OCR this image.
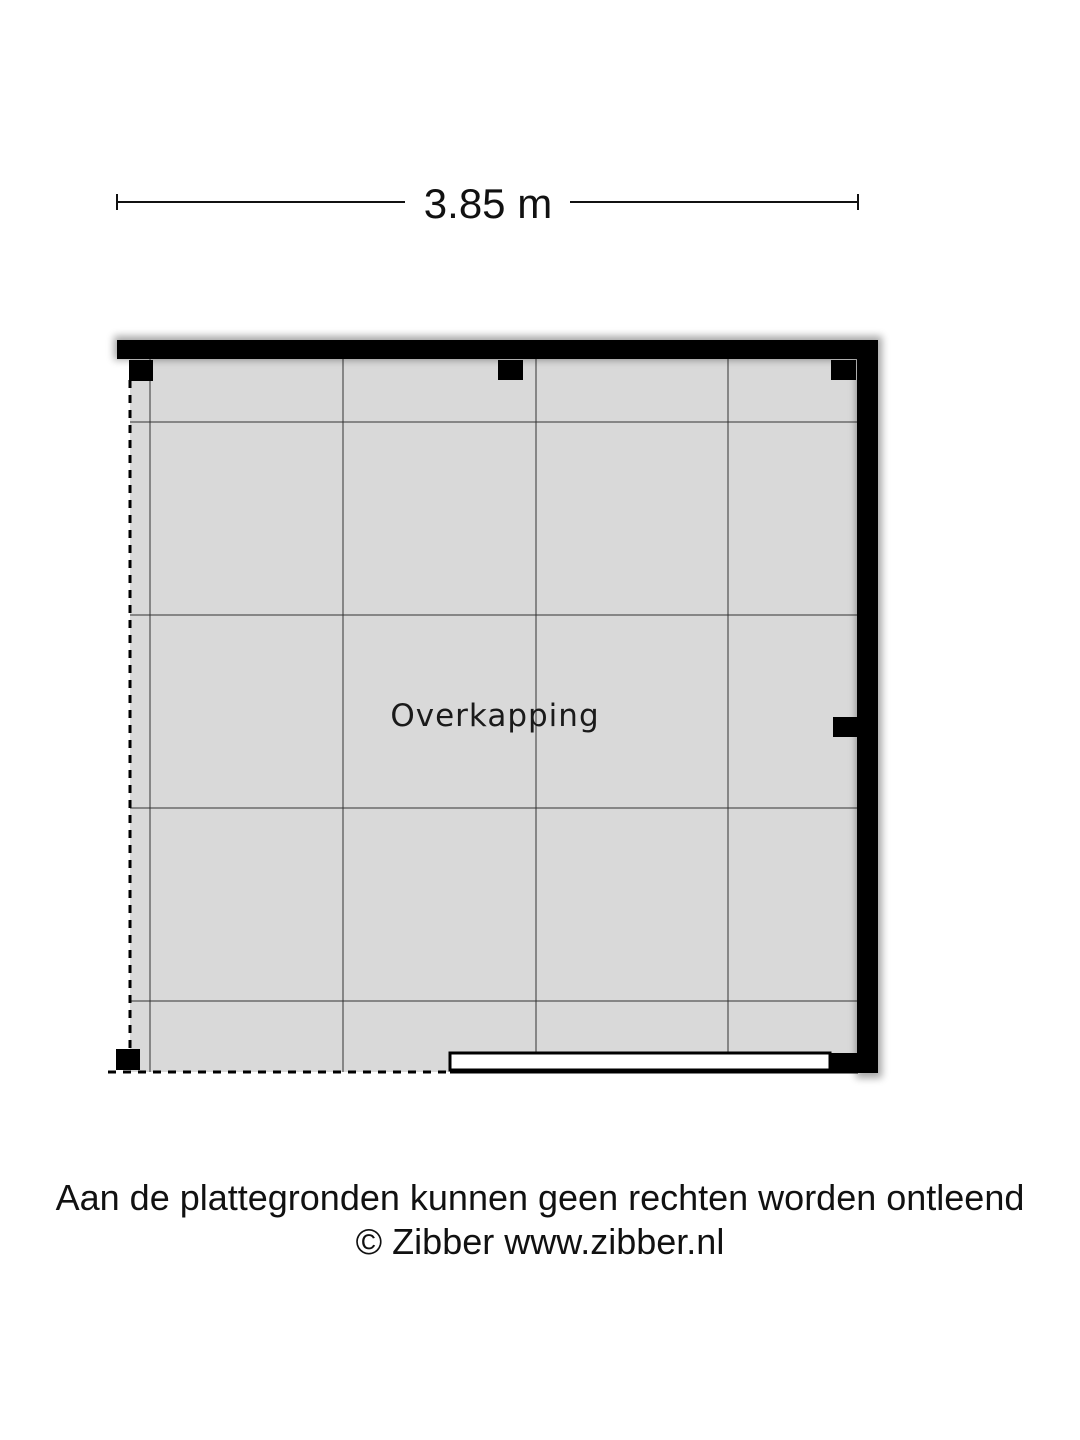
3.85 m
Overkapping
Aan de plattegronden kunnen geen rechten worden ontleend
© Zibber www.zibber.nl
